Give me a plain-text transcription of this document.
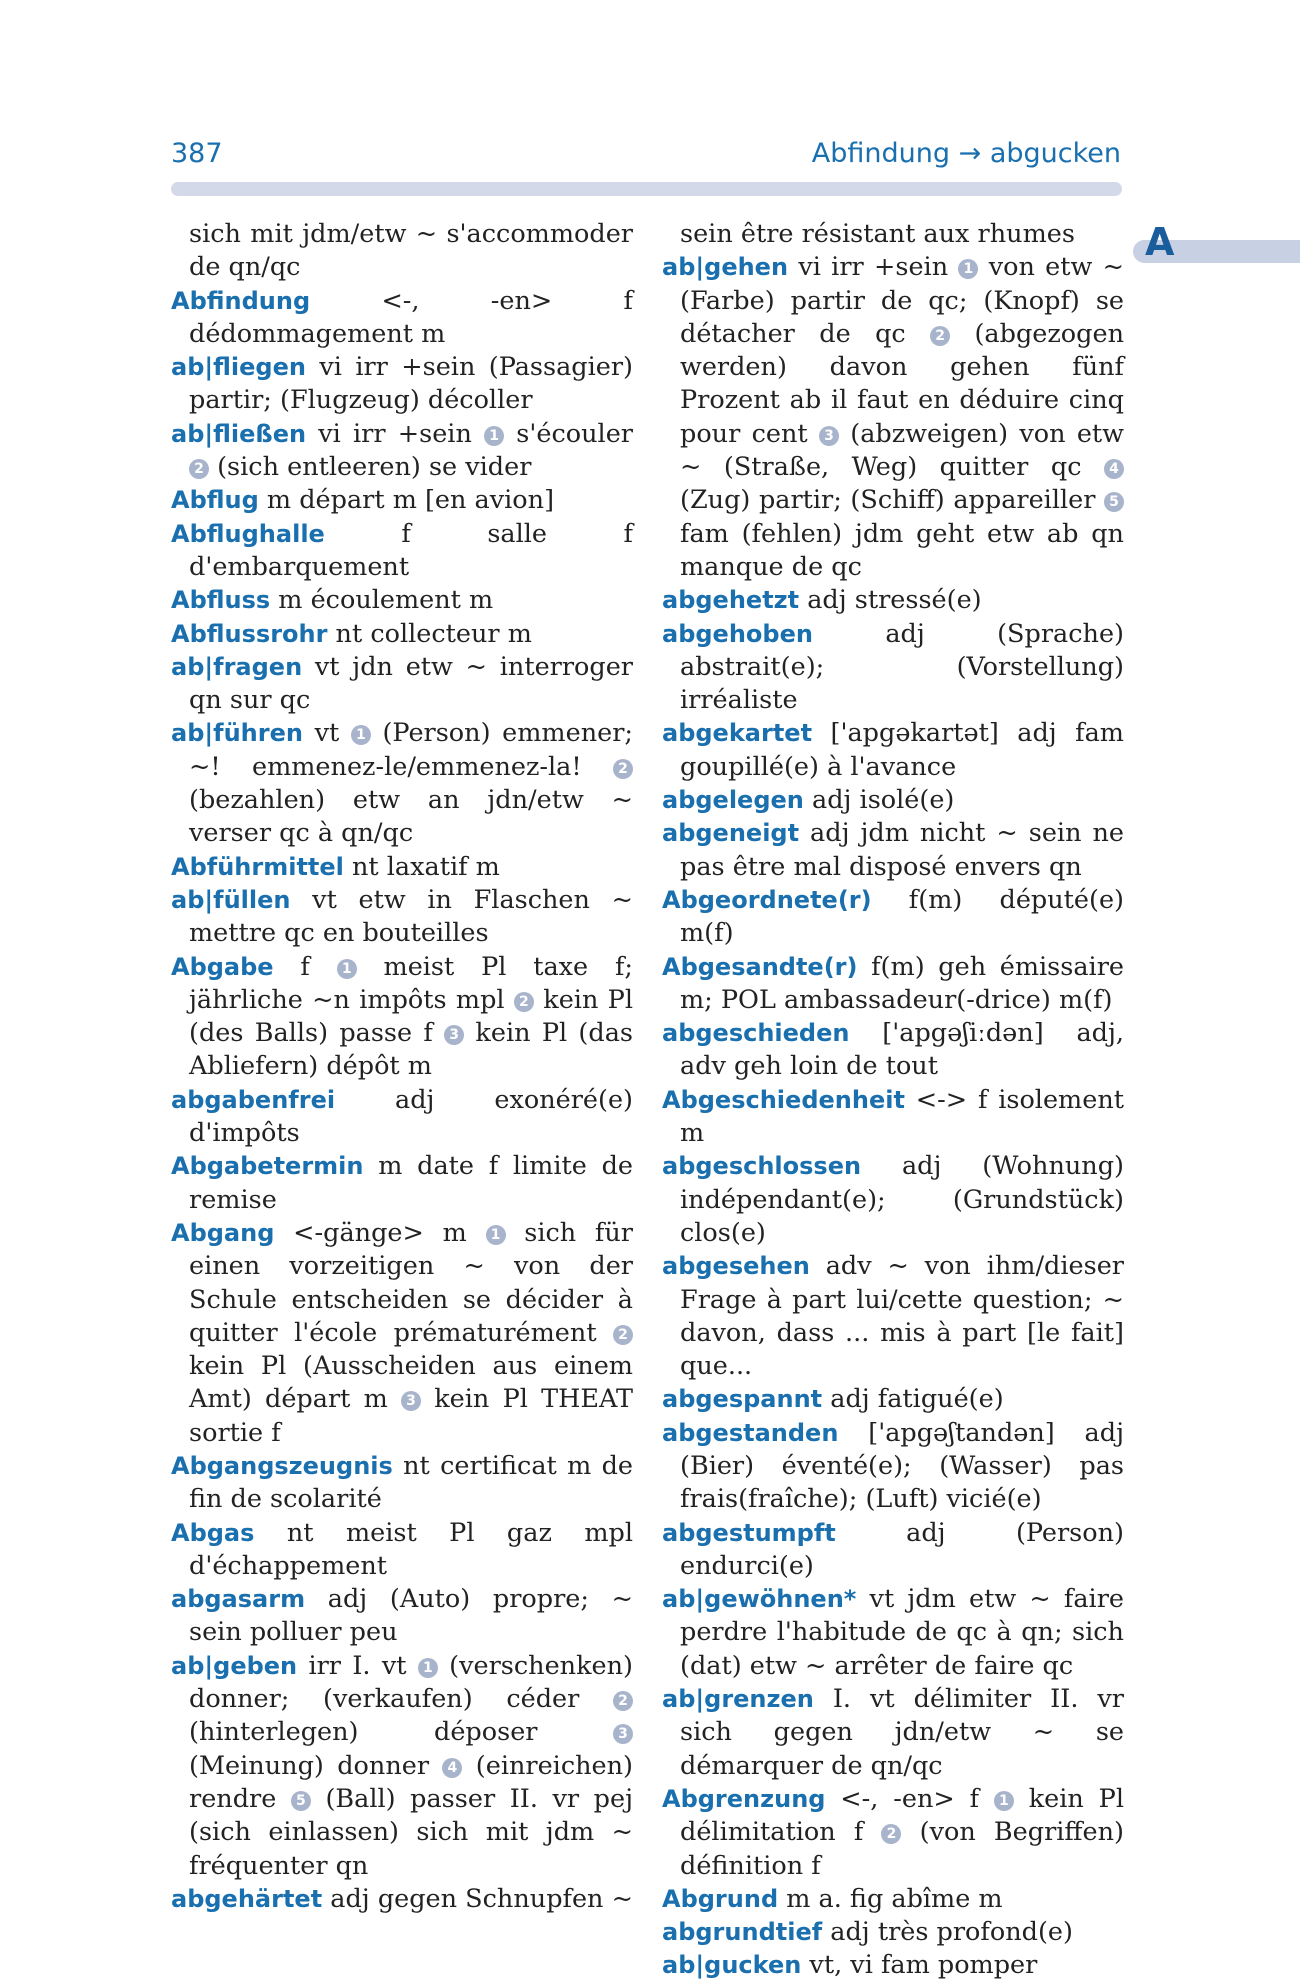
387	Abfindung → abgucken
A
sich mit jdm/etw ~ s'accommoder de qn/qc
Abfindung <-, -en> f dédommagement m
ab|fliegen vi irr +sein (Passagier) partir; (Flugzeug) décoller
ab|fließen vi irr +sein 1 s'écouler 2 (sich entleeren) se vider
Abflug m départ m [en avion]
Abflughalle f salle f d'embarquement
Abfluss m écoulement m
Abflussrohr nt collecteur m
ab|fragen vt jdn etw ~ interroger qn sur qc
ab|führen vt 1 (Person) emmener; ~! emmenez-le/emmenez-la! 2 (bezahlen) etw an jdn/etw ~ verser qc à qn/qc
Abführmittel nt laxatif m
ab|füllen vt etw in Flaschen ~ mettre qc en bouteilles
Abgabe f 1 meist Pl taxe f; jährliche ~n impôts mpl 2 kein Pl (des Balls) passe f 3 kein Pl (das Abliefern) dépôt m
abgabenfrei adj exonéré(e) d'impôts
Abgabetermin m date f limite de remise
Abgang <-gänge> m 1 sich für einen vorzeitigen ~ von der Schule entscheiden se décider à quitter l'école prématurément 2 kein Pl (Ausscheiden aus einem Amt) départ m 3 kein Pl THEAT sortie f
Abgangszeugnis nt certificat m de fin de scolarité
Abgas nt meist Pl gaz mpl d'échappement
abgasarm adj (Auto) propre; ~ sein polluer peu
ab|geben irr I. vt 1 (verschenken) donner; (verkaufen) céder 2 (hinterlegen) déposer 3 (Meinung) donner 4 (einreichen) rendre 5 (Ball) passer II. vr pej (sich einlassen) sich mit jdm ~ fréquenter qn
abgehärtet adj gegen Schnupfen ~
sein être résistant aux rhumes
ab|gehen vi irr +sein 1 von etw ~ (Farbe) partir de qc; (Knopf) se détacher de qc 2 (abgezogen werden) davon gehen fünf Prozent ab il faut en déduire cinq pour cent 3 (abzweigen) von etw ~ (Straße, Weg) quitter qc 4 (Zug) partir; (Schiff) appareiller 5 fam (fehlen) jdm geht etw ab qn manque de qc
abgehetzt adj stressé(e)
abgehoben adj (Sprache) abstrait(e); (Vorstellung) irréaliste
abgekartet ['apgəkartət] adj fam goupillé(e) à l'avance
abgelegen adj isolé(e)
abgeneigt adj jdm nicht ~ sein ne pas être mal disposé envers qn
Abgeordnete(r) f(m) député(e) m(f)
Abgesandte(r) f(m) geh émissaire m; POL ambassadeur(-drice) m(f)
abgeschieden ['apgəʃiːdən] adj, adv geh loin de tout
Abgeschiedenheit <-> f isolement m
abgeschlossen adj (Wohnung) indépendant(e); (Grundstück) clos(e)
abgesehen adv ~ von ihm/dieser Frage à part lui/cette question; ~ davon, dass ... mis à part [le fait] que...
abgespannt adj fatigué(e)
abgestanden ['apgəʃtandən] adj (Bier) éventé(e); (Wasser) pas frais(fraîche); (Luft) vicié(e)
abgestumpft adj (Person) endurci(e)
ab|gewöhnen* vt jdm etw ~ faire perdre l'habitude de qc à qn; sich (dat) etw ~ arrêter de faire qc
ab|grenzen I. vt délimiter II. vr sich gegen jdn/etw ~ se démarquer de qn/qc
Abgrenzung <-, -en> f 1 kein Pl délimitation f 2 (von Begriffen) définition f
Abgrund m a. fig abîme m
abgrundtief adj très profond(e)
ab|gucken vt, vi fam pomper
